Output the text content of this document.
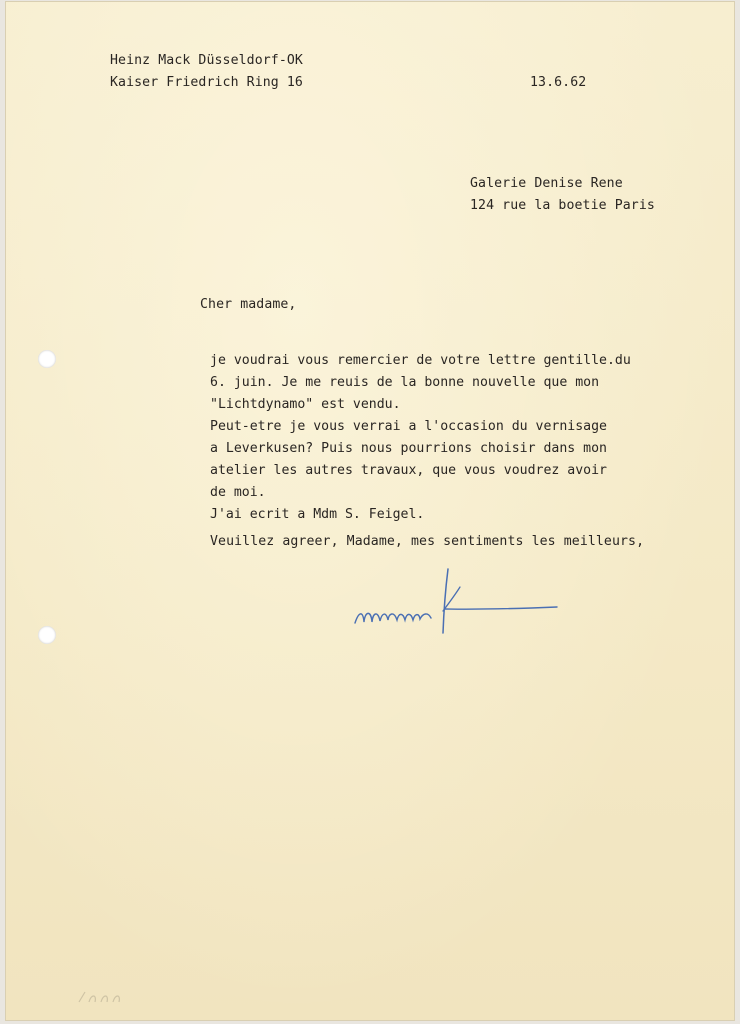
Heinz Mack Düsseldorf-OK
Kaiser Friedrich Ring 16	13.6.62
Galerie Denise Rene
124 rue la boetie Paris
Cher madame,
je voudrai vous remercier de votre lettre gentille.du
6. juin. Je me reuis de la bonne nouvelle que mon
"Lichtdynamo" est vendu.
Peut-etre je vous verrai a l'occasion du vernisage
a Leverkusen? Puis nous pourrions choisir dans mon
atelier les autres travaux, que vous voudrez avoir
de moi.
J'ai ecrit a Mdm S. Feigel.
Veuillez agreer, Madame, mes sentiments les meilleurs,
